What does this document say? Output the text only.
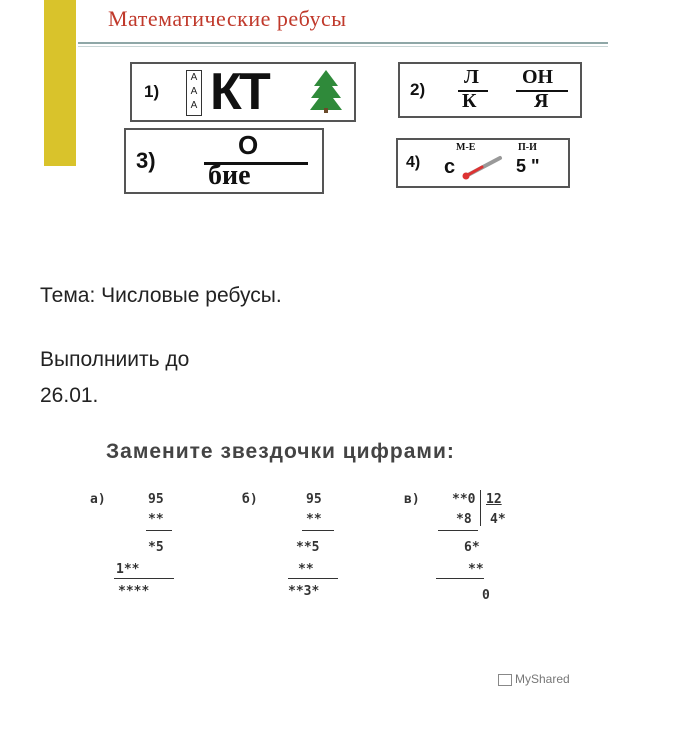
Математические ребусы
1)
A
A
A КТ	2)
Л
К
ОН
Я
3)
О
бие	4)
М-Е	П-И
с	5 "
Тема: Числовые ребусы.
Выполниить до
26.01.
Замените звездочки цифрами:
а)	95
**
*5
1**
****
б)	95
**
**5
**
**3*
в) **0 12
*8 4*
6*
**
0
MyShared
